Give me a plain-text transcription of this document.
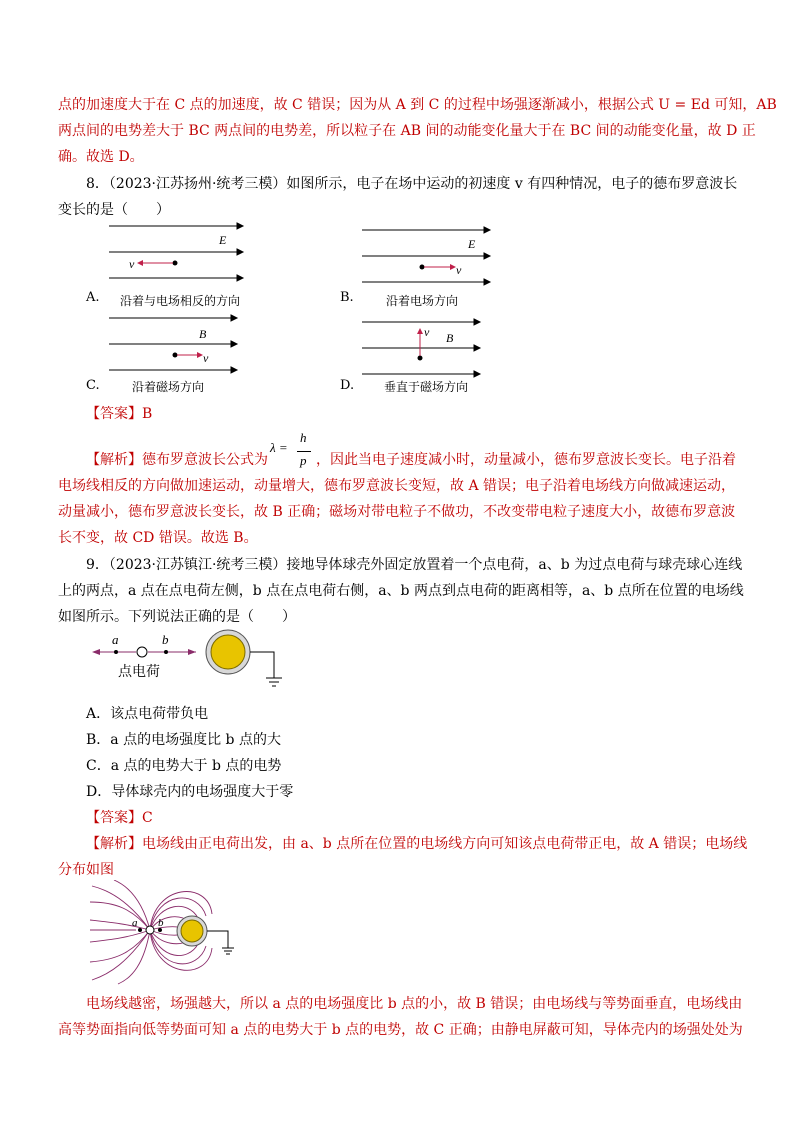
点的加速度大于在 C 点的加速度，故 C 错误；因为从 A 到 C 的过程中场强逐渐减小，根据公式 U = Ed 可知，AB
两点间的电势差大于 BC 两点间的电势差，所以粒子在 AB 间的动能变化量大于在 BC 间的动能变化量，故 D 正
确。故选 D。
8．（2023·江苏扬州·统考三模）如图所示，电子在场中运动的初速度 v 有四种情况，电子的德布罗意波长
变长的是（　　）
E
v
A. 沿着与电场相反的方向
E
v
B.	沿着电场方向
B
v
C.	沿着磁场方向
B
v
D. 垂直于磁场方向
【答案】B
λ =
h
p
【解析】德布罗意波长公式为	，因此当电子速度减小时，动量减小，德布罗意波长变长。电子沿着
电场线相反的方向做加速运动，动量增大，德布罗意波长变短，故 A 错误；电子沿着电场线方向做减速运动，
动量减小，德布罗意波长变长，故 B 正确；磁场对带电粒子不做功，不改变带电粒子速度大小，故德布罗意波
长不变，故 CD 错误。故选 B。
9．（2023·江苏镇江·统考三模）接地导体球壳外固定放置着一个点电荷，a、b 为过点电荷与球壳球心连线
上的两点，a 点在点电荷左侧，b 点在点电荷右侧，a、b 两点到点电荷的距离相等，a、b 点所在位置的电场线
如图所示。下列说法正确的是（　　）
a	b
点电荷
A．该点电荷带负电
B．a 点的电场强度比 b 点的大
C．a 点的电势大于 b 点的电势
D．导体球壳内的电场强度大于零
【答案】C
【解析】电场线由正电荷出发，由 a、b 点所在位置的电场线方向可知该点电荷带正电，故 A 错误；电场线
分布如图
a b
电场线越密，场强越大，所以 a 点的电场强度比 b 点的小，故 B 错误；由电场线与等势面垂直，电场线由
高等势面指向低等势面可知 a 点的电势大于 b 点的电势，故 C 正确；由静电屏蔽可知，导体壳内的场强处处为
